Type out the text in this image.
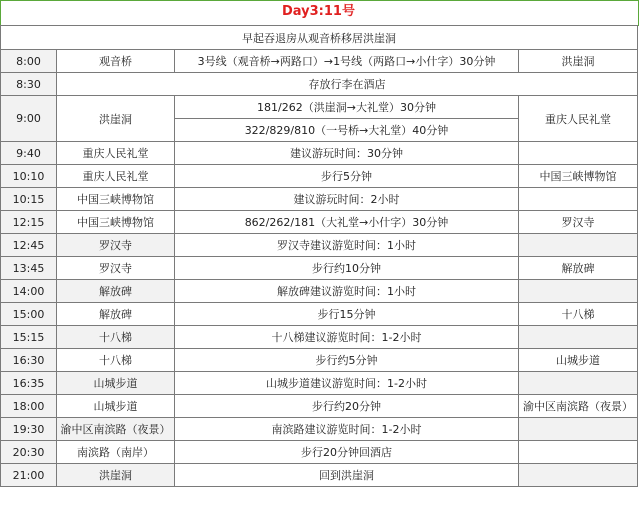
Day3:11号
早起吞退房从观音桥移居洪崖洞			
8:00	观音桥	3号线（观音桥→两路口）→1号线（两路口→小什字）30分钟	洪崖洞
8:30	存放行李在酒店		
9:00	洪崖洞	181/262（洪崖洞→大礼堂）30分钟	重庆人民礼堂
		322/829/810（一号桥→大礼堂）40分钟	
9:40	重庆人民礼堂	建议游玩时间：30分钟	
10:10	重庆人民礼堂	步行5分钟	中国三峡博物馆
10:15	中国三峡博物馆	建议游玩时间：2小时	
12:15	中国三峡博物馆	862/262/181（大礼堂→小什字）30分钟	罗汉寺
12:45	罗汉寺	罗汉寺建议游览时间：1小时	
13:45	罗汉寺	步行约10分钟	解放碑
14:00	解放碑	解放碑建议游览时间：1小时	
15:00	解放碑	步行15分钟	十八梯
15:15	十八梯	十八梯建议游览时间：1-2小时	
16:30	十八梯	步行约5分钟	山城步道
16:35	山城步道	山城步道建议游览时间：1-2小时	
18:00	山城步道	步行约20分钟	渝中区南滨路（夜景）
19:30	渝中区南滨路（夜景）	南滨路建议游览时间：1-2小时	
20:30	南滨路（南岸）	步行20分钟回酒店	
21:00	洪崖洞	回到洪崖洞	
